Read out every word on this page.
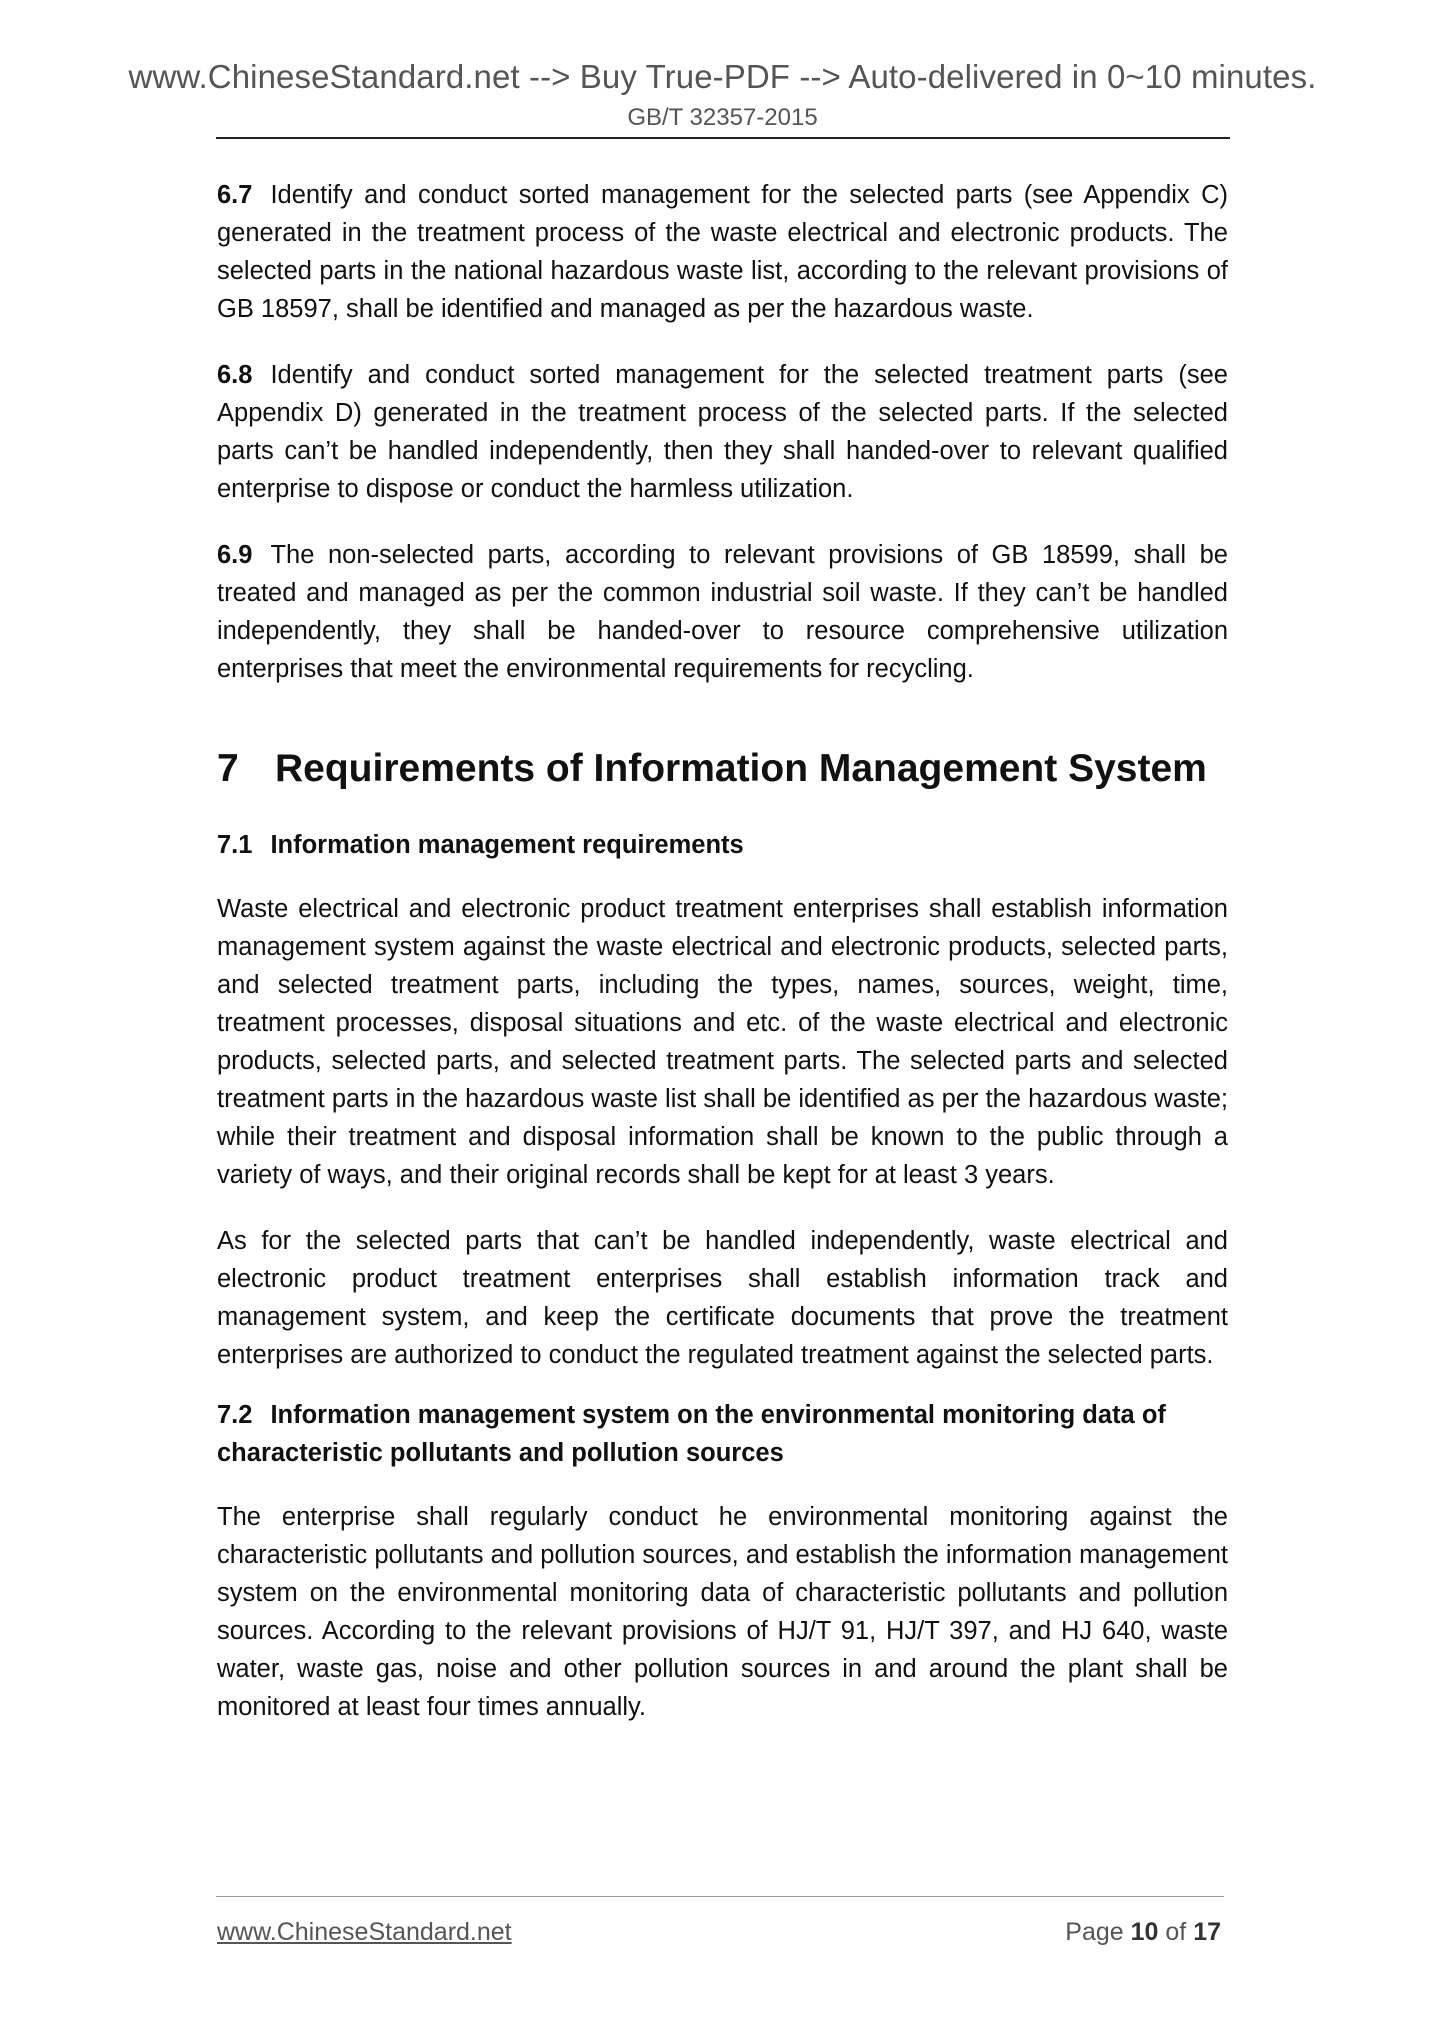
www.ChineseStandard.net --> Buy True-PDF --> Auto-delivered in 0~10 minutes.
GB/T 32357-2015

6.7 Identify and conduct sorted management for the selected parts (see Appendix C) generated in the treatment process of the waste electrical and electronic products. The selected parts in the national hazardous waste list, according to the relevant provisions of GB 18597, shall be identified and managed as per the hazardous waste.

6.8 Identify and conduct sorted management for the selected treatment parts (see Appendix D) generated in the treatment process of the selected parts. If the selected parts can’t be handled independently, then they shall handed-over to relevant qualified enterprise to dispose or conduct the harmless utilization.

6.9 The non-selected parts, according to relevant provisions of GB 18599, shall be treated and managed as per the common industrial soil waste. If they can’t be handled independently, they shall be handed-over to resource comprehensive utilization enterprises that meet the environmental requirements for recycling.

7 Requirements of Information Management System
7.1 Information management requirements

Waste electrical and electronic product treatment enterprises shall establish information management system against the waste electrical and electronic products, selected parts, and selected treatment parts, including the types, names, sources, weight, time, treatment processes, disposal situations and etc. of the waste electrical and electronic products, selected parts, and selected treatment parts. The selected parts and selected treatment parts in the hazardous waste list shall be identified as per the hazardous waste; while their treatment and disposal information shall be known to the public through a variety of ways, and their original records shall be kept for at least 3 years.

As for the selected parts that can’t be handled independently, waste electrical and electronic product treatment enterprises shall establish information track and management system, and keep the certificate documents that prove the treatment enterprises are authorized to conduct the regulated treatment against the selected parts.

7.2 Information management system on the environmental monitoring data of characteristic pollutants and pollution sources

The enterprise shall regularly conduct he environmental monitoring against the characteristic pollutants and pollution sources, and establish the information management system on the environmental monitoring data of characteristic pollutants and pollution sources. According to the relevant provisions of HJ/T 91, HJ/T 397, and HJ 640, waste water, waste gas, noise and other pollution sources in and around the plant shall be monitored at least four times annually.

www.ChineseStandard.net	Page 10 of 17
